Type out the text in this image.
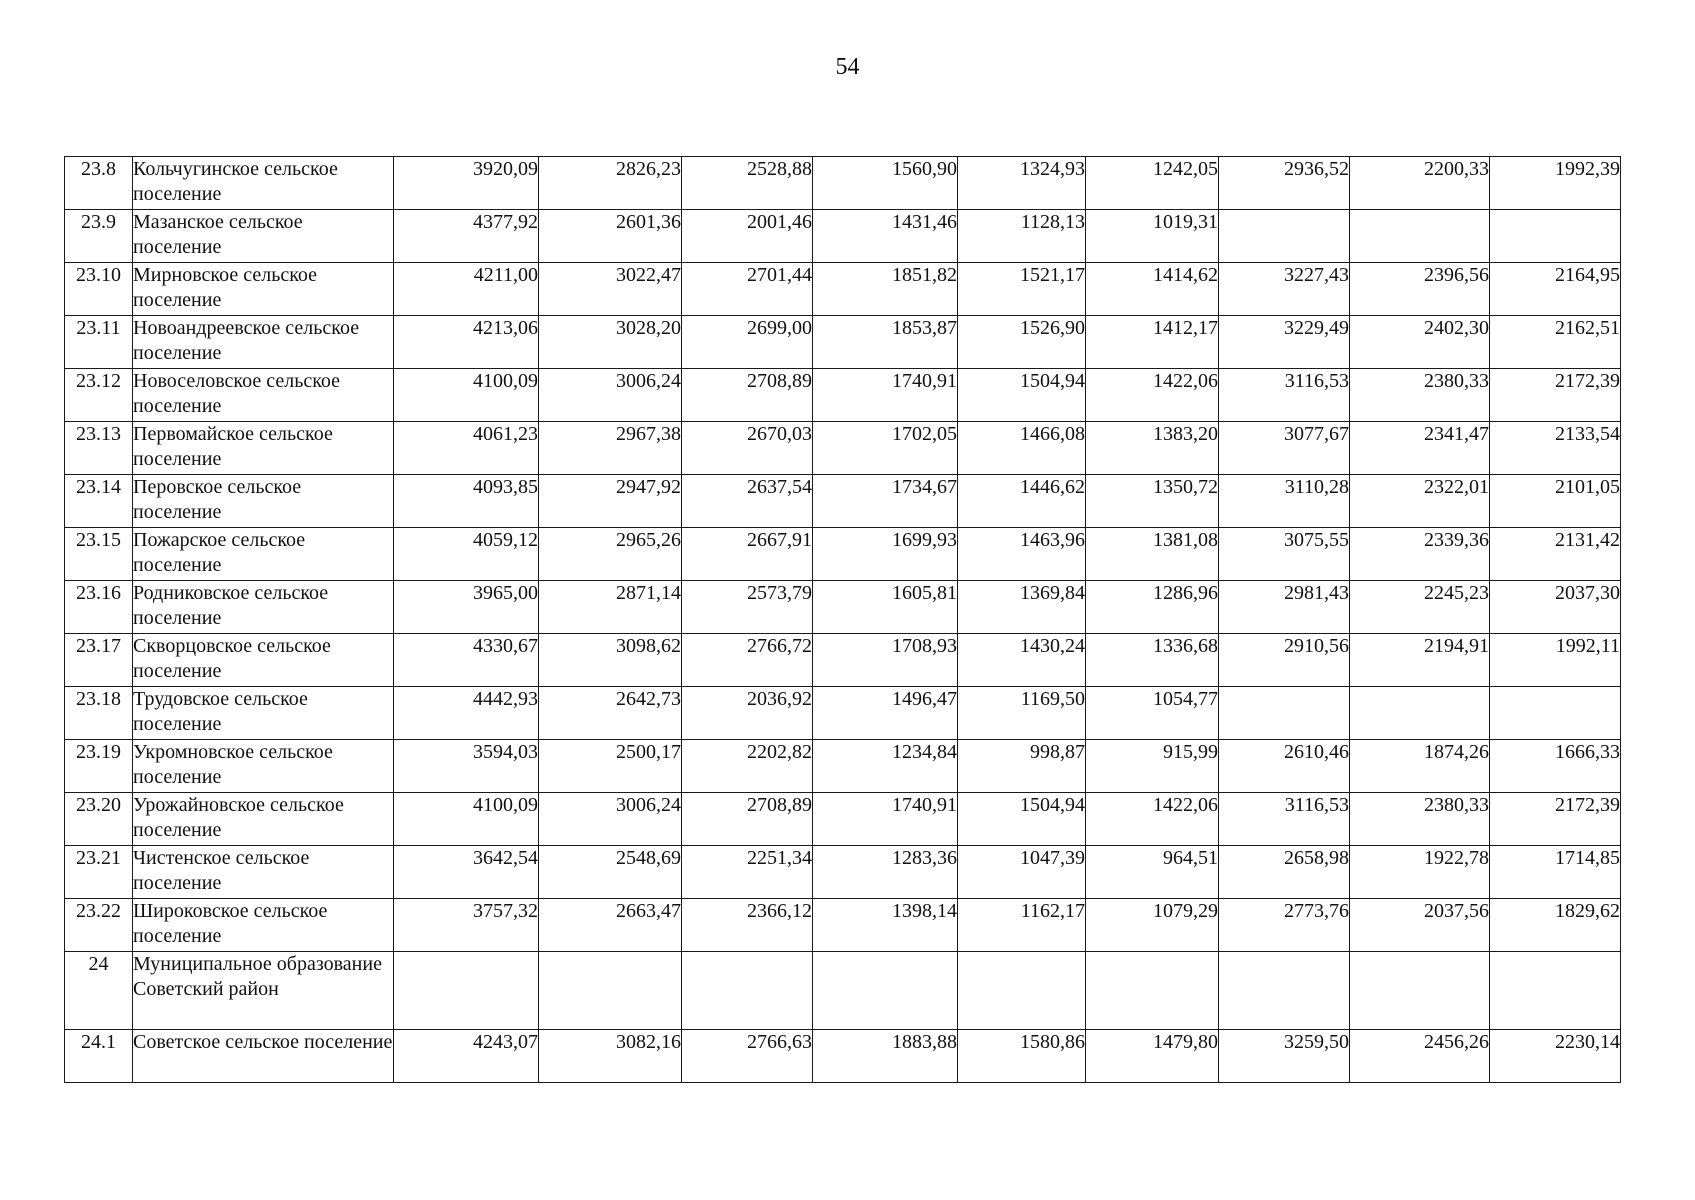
54
23.8	Кольчугинское сельское поселение	3920,09	2826,23	2528,88	1560,90	1324,93	1242,05	2936,52	2200,33	1992,39
23.9	Мазанское сельское поселение	4377,92	2601,36	2001,46	1431,46	1128,13	1019,31			
23.10	Мирновское сельское поселение	4211,00	3022,47	2701,44	1851,82	1521,17	1414,62	3227,43	2396,56	2164,95
23.11	Новоандреевское сельское поселение	4213,06	3028,20	2699,00	1853,87	1526,90	1412,17	3229,49	2402,30	2162,51
23.12	Новоселовское сельское поселение	4100,09	3006,24	2708,89	1740,91	1504,94	1422,06	3116,53	2380,33	2172,39
23.13	Первомайское сельское поселение	4061,23	2967,38	2670,03	1702,05	1466,08	1383,20	3077,67	2341,47	2133,54
23.14	Перовское сельское поселение	4093,85	2947,92	2637,54	1734,67	1446,62	1350,72	3110,28	2322,01	2101,05
23.15	Пожарское сельское поселение	4059,12	2965,26	2667,91	1699,93	1463,96	1381,08	3075,55	2339,36	2131,42
23.16	Родниковское сельское поселение	3965,00	2871,14	2573,79	1605,81	1369,84	1286,96	2981,43	2245,23	2037,30
23.17	Скворцовское сельское поселение	4330,67	3098,62	2766,72	1708,93	1430,24	1336,68	2910,56	2194,91	1992,11
23.18	Трудовское сельское поселение	4442,93	2642,73	2036,92	1496,47	1169,50	1054,77			
23.19	Укромновское сельское поселение	3594,03	2500,17	2202,82	1234,84	998,87	915,99	2610,46	1874,26	1666,33
23.20	Урожайновское сельское поселение	4100,09	3006,24	2708,89	1740,91	1504,94	1422,06	3116,53	2380,33	2172,39
23.21	Чистенское сельское поселение	3642,54	2548,69	2251,34	1283,36	1047,39	964,51	2658,98	1922,78	1714,85
23.22	Широковское сельское поселение	3757,32	2663,47	2366,12	1398,14	1162,17	1079,29	2773,76	2037,56	1829,62
24	Муниципальное образование Советский район									
24.1	Советское сельское поселение	4243,07	3082,16	2766,63	1883,88	1580,86	1479,80	3259,50	2456,26	2230,14
